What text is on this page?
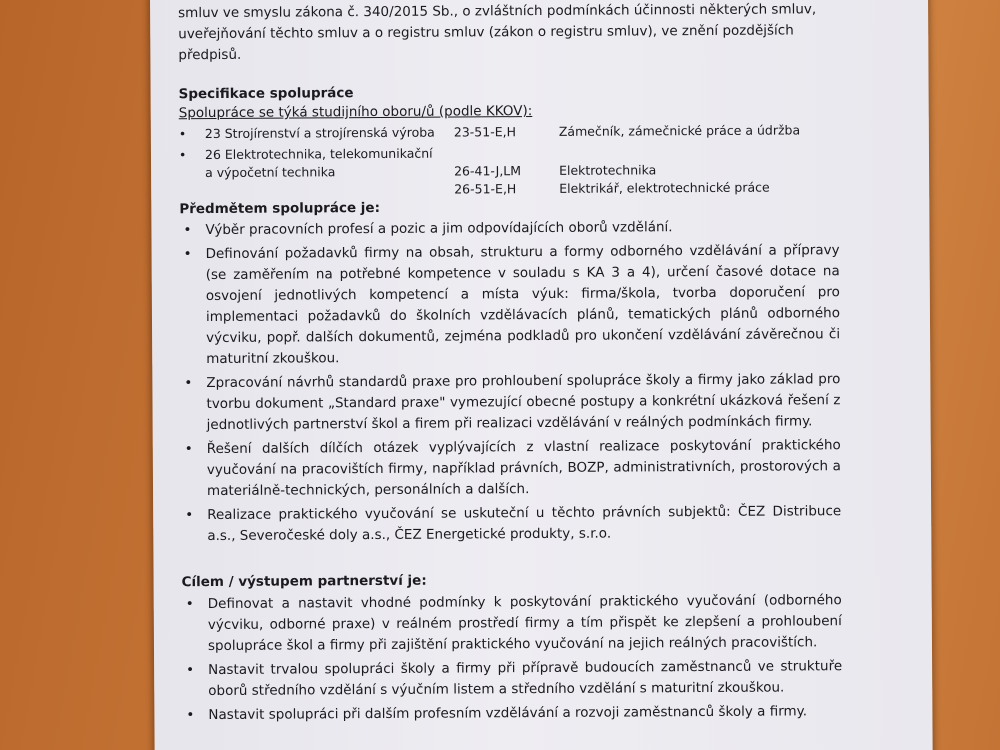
smluv ve smyslu zákona č. 340/2015 Sb., o zvláštních podmínkách účinnosti některých smluv,
uveřejňování těchto smluv a o registru smluv (zákon o registru smluv), ve znění pozdějších
předpisů.
Specifikace spolupráce
Spolupráce se týká studijního oboru/ů (podle KKOV):
• 23 Strojírenství a strojírenská výroba 23-51-E,H	Zámečník, zámečnické práce a údržba
• 26 Elektrotechnika, telekomunikační
a výpočetní technika	26-41-J,LM	Elektrotechnika
26-51-E,H	Elektrikář, elektrotechnické práce
Předmětem spolupráce je:
• Výběr pracovních profesí a pozic a jim odpovídajících oborů vzdělání.
• Definování požadavků firmy na obsah, strukturu a formy odborného vzdělávání a přípravy (se zaměřením na potřebné kompetence v souladu s KA 3 a 4), určení časové dotace na osvojení jednotlivých kompetencí a místa výuk: firma/škola, tvorba doporučení pro implementaci požadavků do školních vzdělávacích plánů, tematických plánů odborného výcviku, popř. dalších dokumentů, zejména podkladů pro ukončení vzdělávání závěrečnou či maturitní zkouškou.
• Zpracování návrhů standardů praxe pro prohloubení spolupráce školy a firmy jako základ pro tvorbu dokument „Standard praxe" vymezující obecné postupy a konkrétní ukázková řešení z jednotlivých partnerství škol a firem při realizaci vzdělávání v reálných podmínkách firmy.
• Řešení dalších dílčích otázek vyplývajících z vlastní realizace poskytování praktického vyučování na pracovištích firmy, například právních, BOZP, administrativních, prostorových a materiálně-technických, personálních a dalších.
• Realizace praktického vyučování se uskuteční u těchto právních subjektů: ČEZ Distribuce a.s., Severočeské doly a.s., ČEZ Energetické produkty, s.r.o.
Cílem / výstupem partnerství je:
• Definovat a nastavit vhodné podmínky k poskytování praktického vyučování (odborného výcviku, odborné praxe) v reálném prostředí firmy a tím přispět ke zlepšení a prohloubení spolupráce škol a firmy při zajištění praktického vyučování na jejich reálných pracovištích.
• Nastavit trvalou spolupráci školy a firmy při přípravě budoucích zaměstnanců ve struktuře oborů středního vzdělání s výučním listem a středního vzdělání s maturitní zkouškou.
• Nastavit spolupráci při dalším profesním vzdělávání a rozvoji zaměstnanců školy a firmy.
